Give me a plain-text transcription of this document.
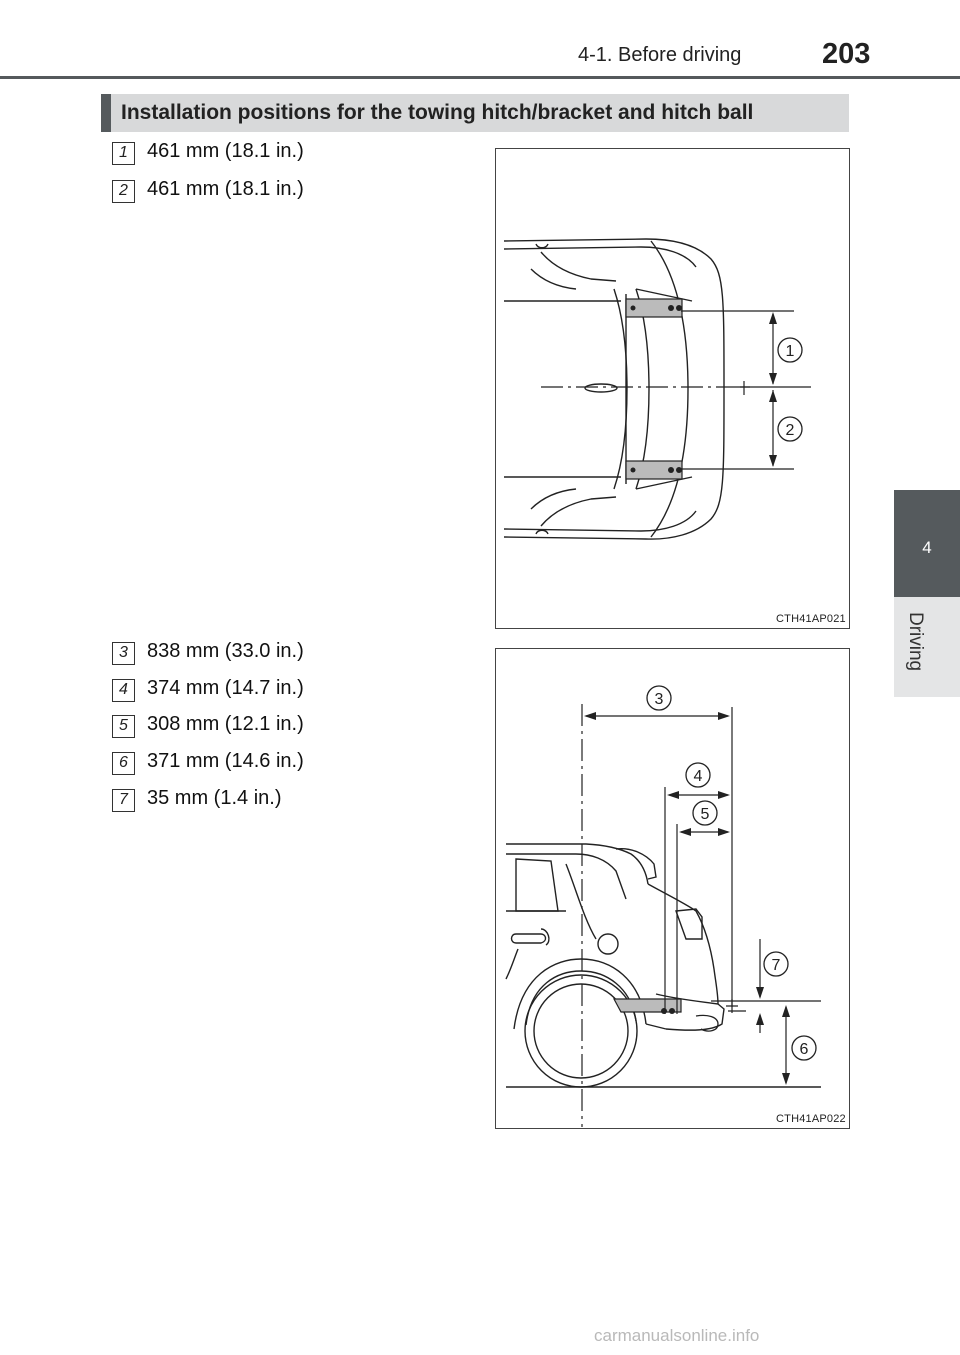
4-1. Before driving	203
4
Driving
Installation positions for the towing hitch/bracket and hitch ball
1 461 mm (18.1 in.)
2 461 mm (18.1 in.)
3 838 mm (33.0 in.)
4 374 mm (14.7 in.)
5 308 mm (12.1 in.)
6 371 mm (14.6 in.)
7 35 mm (1.4 in.)
1
2
CTH41AP021
3
4
5
7
6
CTH41AP022
carmanualsonline.info
